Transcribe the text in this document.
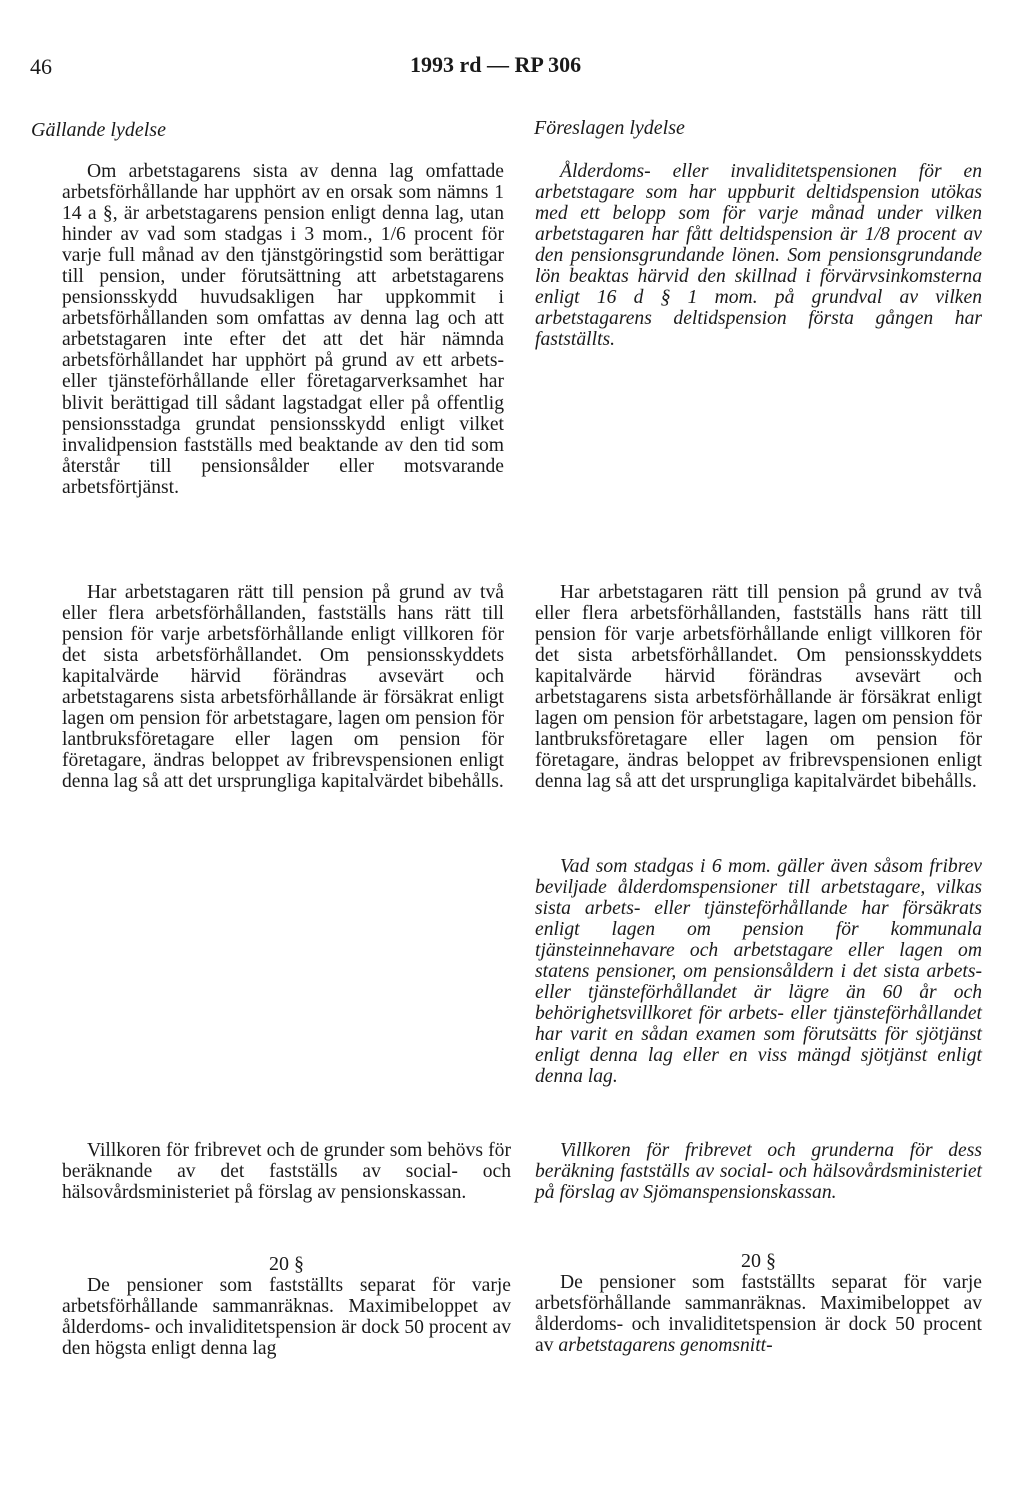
46	1993 rd — RP 306
Gällande lydelse

Om arbetstagarens sista av denna lag omfattade arbetsförhållande har upphört av en orsak som nämns 1 14 a §, är arbetstagarens pension enligt denna lag, utan hinder av vad som stadgas i 3 mom., 1/6 procent för varje full månad av den tjänstgöringstid som berättigar till pension, under förutsättning att arbetstagarens pensionsskydd huvudsakligen har uppkommit i arbetsförhållanden som omfattas av denna lag och att arbetstagaren inte efter det att det här nämnda arbetsförhållandet har upphört på grund av ett arbets- eller tjänsteförhållande eller företagarverksamhet har blivit berättigad till sådant lagstadgat eller på offentlig pensionsstadga grundat pensionsskydd enligt vilket invalidpension fastställs med beaktande av den tid som återstår till pensionsålder eller motsvarande arbetsförtjänst.

Har arbetstagaren rätt till pension på grund av två eller flera arbetsförhållanden, fastställs hans rätt till pension för varje arbetsförhållande enligt villkoren för det sista arbetsförhållandet. Om pensionsskyddets kapitalvärde härvid förändras avsevärt och arbetstagarens sista arbetsförhållande är försäkrat enligt lagen om pension för arbetstagare, lagen om pension för lantbruksföretagare eller lagen om pension för företagare, ändras beloppet av fribrevspensionen enligt denna lag så att det ursprungliga kapitalvärdet bibehålls.

Villkoren för fribrevet och de grunder som behövs för beräknande av det fastställs av social- och hälsovårdsministeriet på förslag av pensionskassan.

20 §

De pensioner som fastställts separat för varje arbetsförhållande sammanräknas. Maximibeloppet av ålderdoms- och invaliditetspension är dock 50 procent av den högsta enligt denna lag

Föreslagen lydelse

Ålderdoms- eller invaliditetspensionen för en arbetstagare som har uppburit deltidspension utökas med ett belopp som för varje månad under vilken arbetstagaren har fått deltidspension är 1/8 procent av den pensionsgrundande lönen. Som pensionsgrundande lön beaktas härvid den skillnad i förvärvsinkomsterna enligt 16 d § 1 mom. på grundval av vilken arbetstagarens deltidspension första gången har fastställts.

Har arbetstagaren rätt till pension på grund av två eller flera arbetsförhållanden, fastställs hans rätt till pension för varje arbetsförhållande enligt villkoren för det sista arbetsförhållandet. Om pensionsskyddets kapitalvärde härvid förändras avsevärt och arbetstagarens sista arbetsförhållande är försäkrat enligt lagen om pension för arbetstagare, lagen om pension för lantbruksföretagare eller lagen om pension för företagare, ändras beloppet av fribrevspensionen enligt denna lag så att det ursprungliga kapitalvärdet bibehålls.

Vad som stadgas i 6 mom. gäller även såsom fribrev beviljade ålderdomspensioner till arbetstagare, vilkas sista arbets- eller tjänsteförhållande har försäkrats enligt lagen om pension för kommunala tjänsteinnehavare och arbetstagare eller lagen om statens pensioner, om pensionsåldern i det sista arbets- eller tjänsteförhållandet är lägre än 60 år och behörighetsvillkoret för arbets- eller tjänsteförhållandet har varit en sådan examen som förutsätts för sjötjänst enligt denna lag eller en viss mängd sjötjänst enligt denna lag.

Villkoren för fribrevet och grunderna för dess beräkning fastställs av social- och hälsovårdsministeriet på förslag av Sjömanspensionskassan.

20 §

De pensioner som fastställts separat för varje arbetsförhållande sammanräknas. Maximibeloppet av ålderdoms- och invaliditetspension är dock 50 procent av arbetstagarens genomsnitt-
